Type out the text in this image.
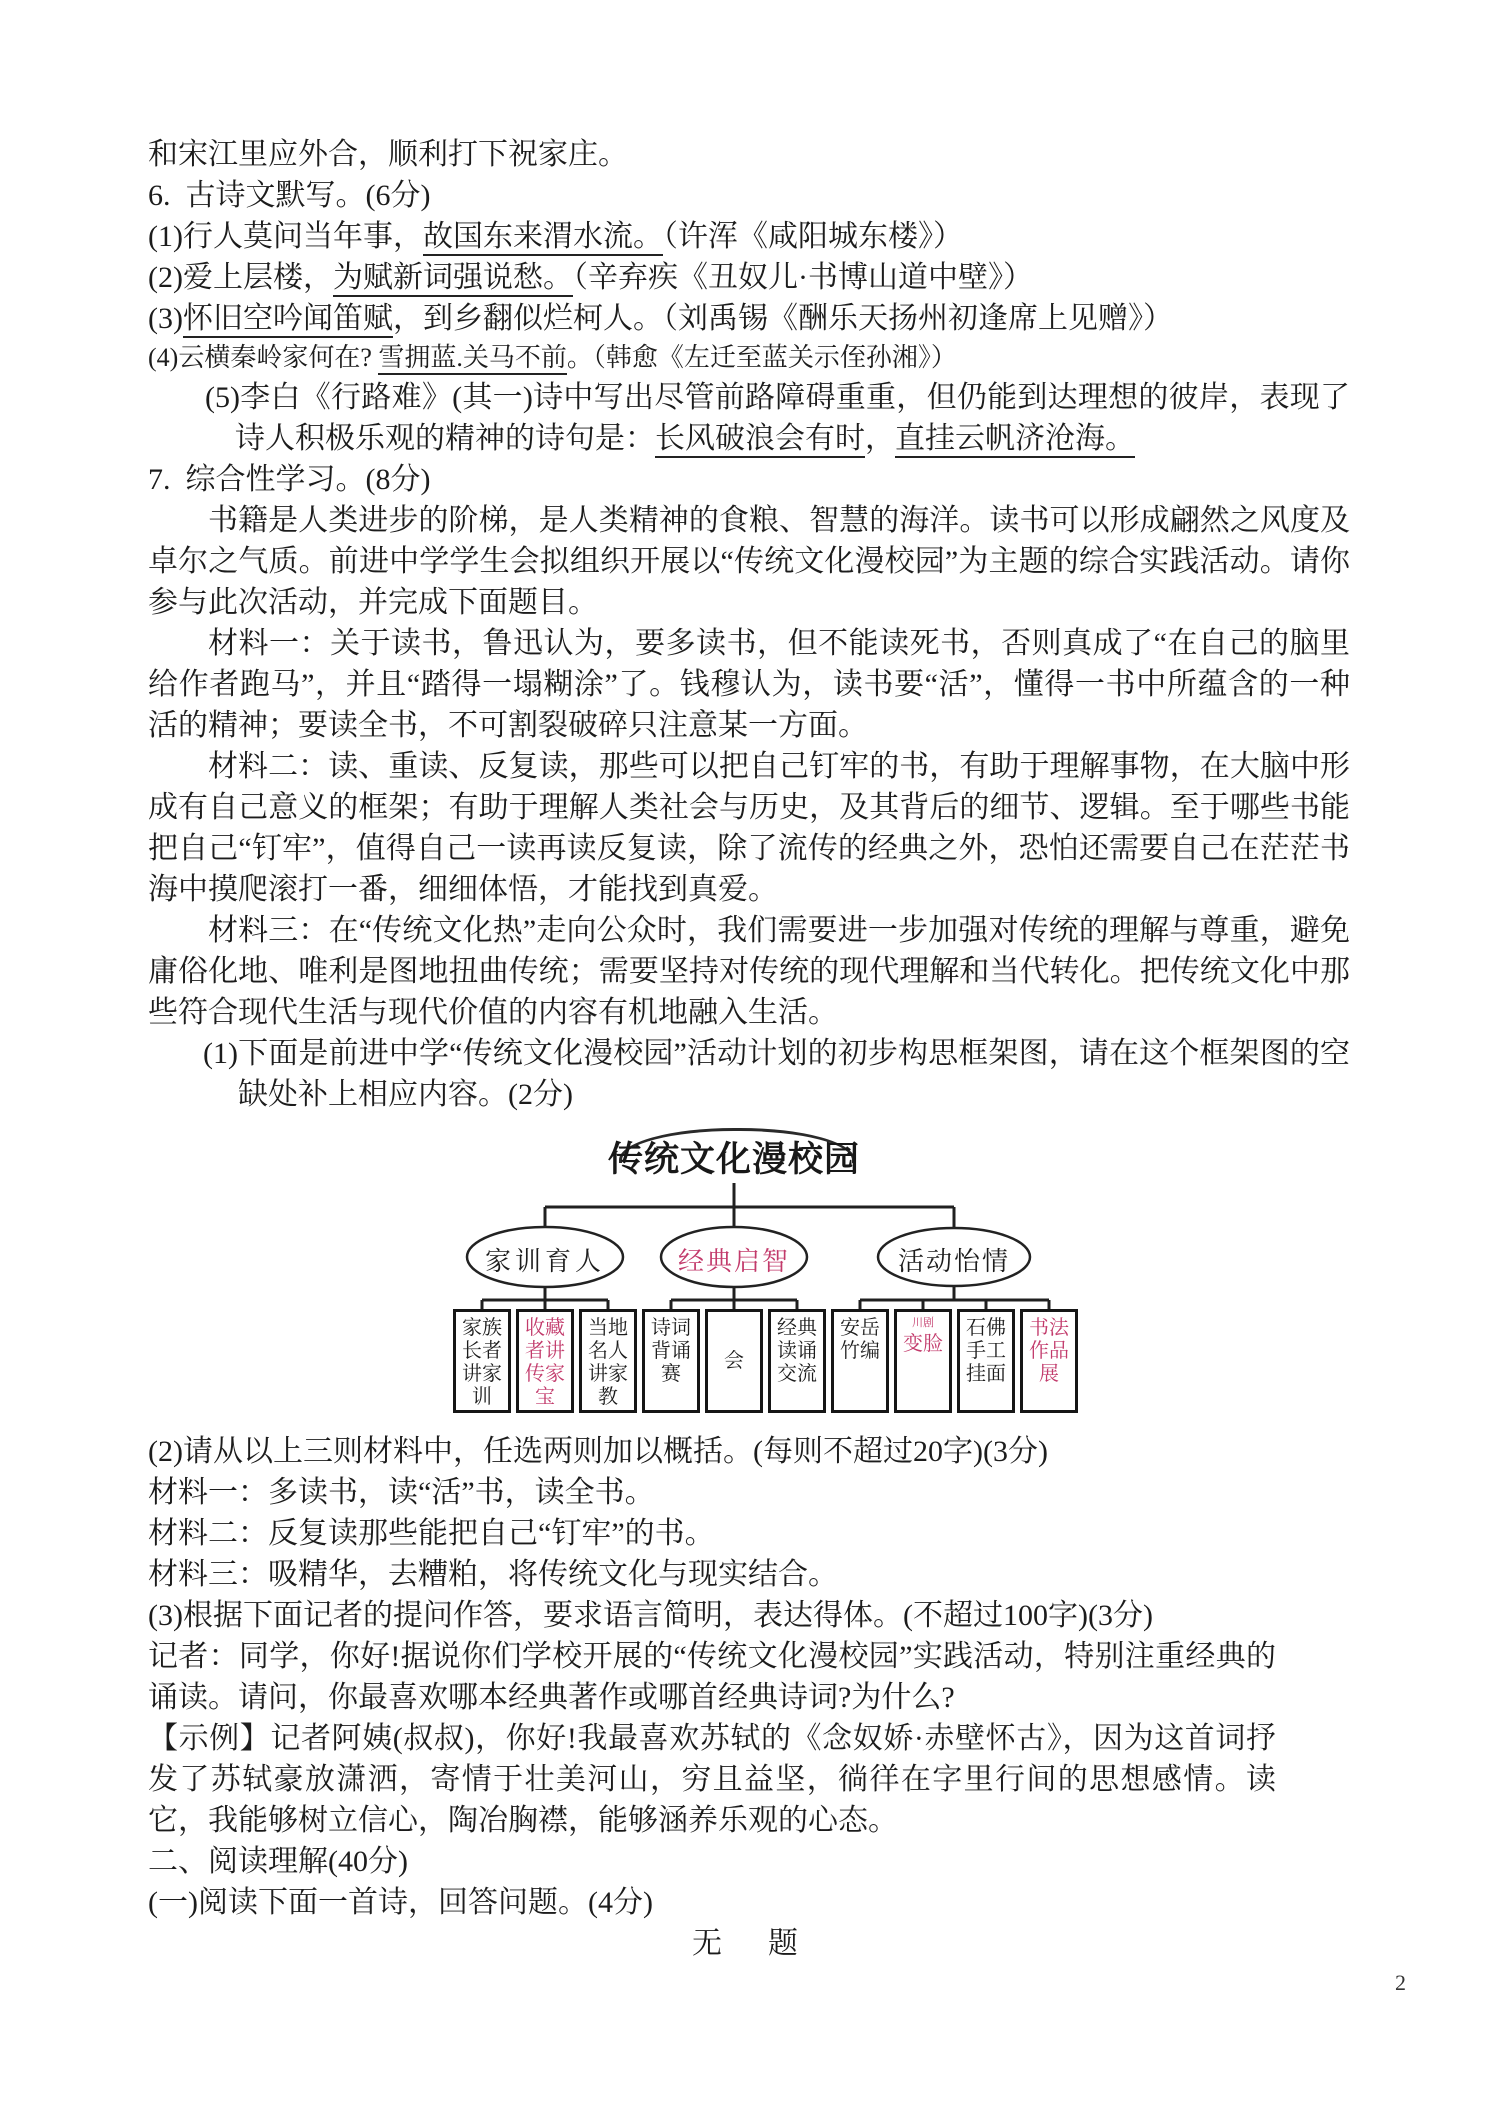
和宋江里应外合，顺利打下祝家庄。

6. 古诗文默写。(6分)

(1)行人莫问当年事，故国东来渭水流。（许浑《咸阳城东楼》）

(2)爱上层楼，为赋新词强说愁。（辛弃疾《丑奴儿·书博山道中壁》）

(3)怀旧空吟闻笛赋，到乡翻似烂柯人。（刘禹锡《酬乐天扬州初逢席上见赠》）

(4)云横秦岭家何在? 雪拥蓝.关马不前。（韩愈《左迁至蓝关示侄孙湘》）

(5)李白《行路难》(其一)诗中写出尽管前路障碍重重，但仍能到达理想的彼岸，表现了诗人积极乐观的精神的诗句是：长风破浪会有时，直挂云帆济沧海。

7. 综合性学习。(8分)

书籍是人类进步的阶梯，是人类精神的食粮、智慧的海洋。读书可以形成翩然之风度及卓尔之气质。前进中学学生会拟组织开展以“传统文化漫校园”为主题的综合实践活动。请你参与此次活动，并完成下面题目。

材料一：关于读书，鲁迅认为，要多读书，但不能读死书，否则真成了“在自己的脑里给作者跑马”，并且“踏得一塌糊涂”了。钱穆认为，读书要“活”，懂得一书中所蕴含的一种活的精神；要读全书，不可割裂破碎只注意某一方面。

材料二：读、重读、反复读，那些可以把自己钉牢的书，有助于理解事物，在大脑中形成有自己意义的框架；有助于理解人类社会与历史，及其背后的细节、逻辑。至于哪些书能把自己“钉牢”，值得自己一读再读反复读，除了流传的经典之外，恐怕还需要自己在茫茫书海中摸爬滚打一番，细细体悟，才能找到真爱。

材料三：在“传统文化热”走向公众时，我们需要进一步加强对传统的理解与尊重，避免庸俗化地、唯利是图地扭曲传统；需要坚持对传统的现代理解和当代转化。把传统文化中那些符合现代生活与现代价值的内容有机地融入生活。

(1)下面是前进中学“传统文化漫校园”活动计划的初步构思框架图，请在这个框架图的空缺处补上相应内容。(2分)

传统文化漫校园
家训育人	经典启智	活动怡情
家族长者讲家训
收藏者讲传家宝
当地名人讲家教
诗词背诵赛
会
经典读诵交流
安岳竹编
川剧
变脸
石佛手工挂面
书法作品展

(2)请从以上三则材料中，任选两则加以概括。(每则不超过20字)(3分)

材料一：多读书，读“活”书，读全书。

材料二：反复读那些能把自己“钉牢”的书。

材料三：吸精华，去糟粕，将传统文化与现实结合。

(3)根据下面记者的提问作答，要求语言简明，表达得体。(不超过100字)(3分)

记者：同学，你好!据说你们学校开展的“传统文化漫校园”实践活动，特别注重经典的诵读。请问，你最喜欢哪本经典著作或哪首经典诗词?为什么?

【示例】记者阿姨(叔叔)，你好!我最喜欢苏轼的《念奴娇·赤壁怀古》，因为这首词抒发了苏轼豪放潇洒，寄情于壮美河山，穷且益坚，徜徉在字里行间的思想感情。读它，我能够树立信心，陶冶胸襟，能够涵养乐观的心态。

二、阅读理解(40分)

(一)阅读下面一首诗，回答问题。(4分)

无　题

2
